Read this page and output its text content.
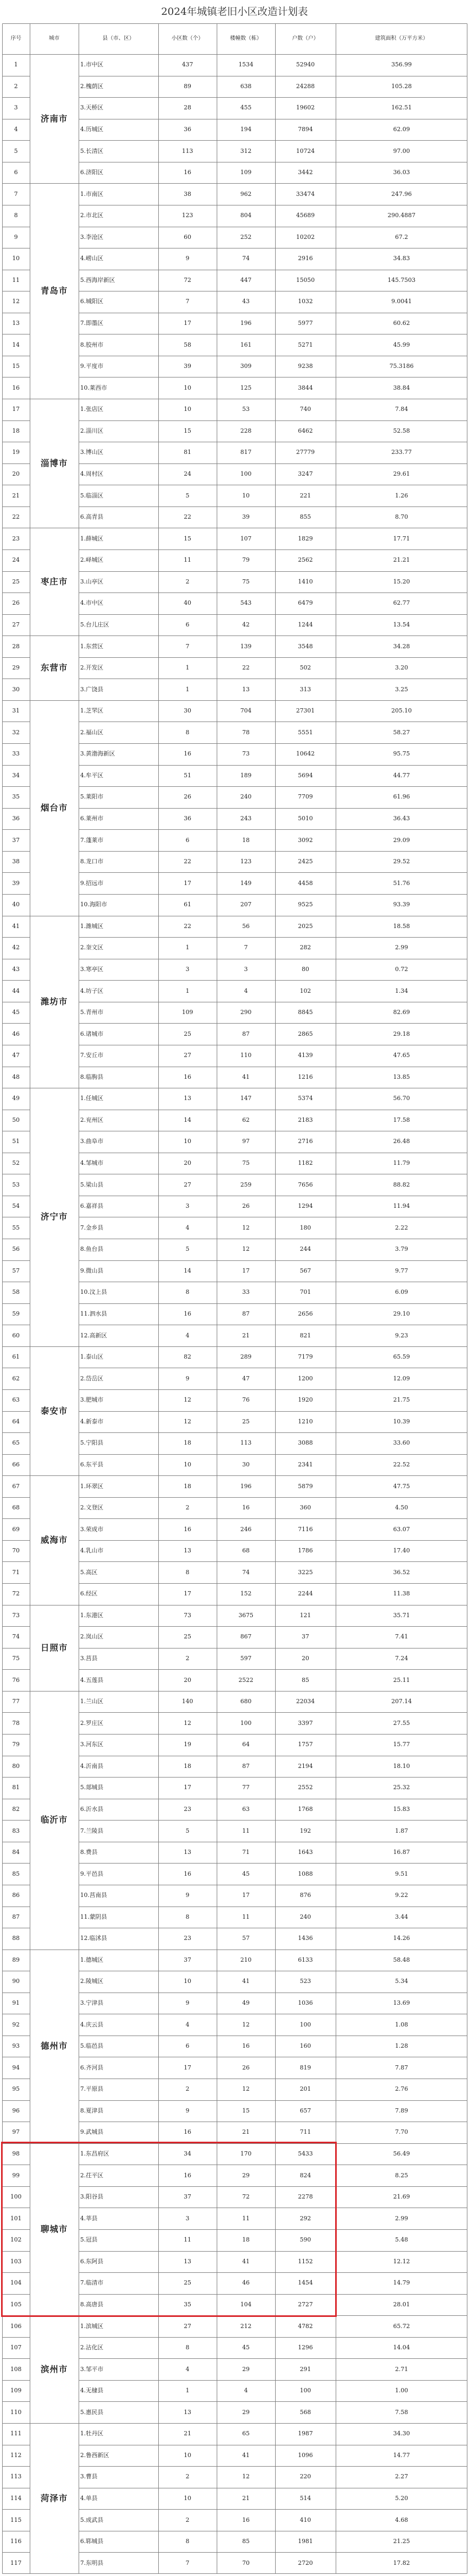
2024年城镇老旧小区改造计划表
序号	城市	县（市、区）	小区数（个）	楼幢数（栋）	户数（户）	建筑面积（万平方米）
济南市
1	1.市中区	437	1534	52940	356.99
2	2.槐荫区	89	638	24288	105.28
3	3.天桥区	28	455	19602	162.51
4	4.历城区	36	194	7894	62.09
5	5.长清区	113	312	10724	97.00
6	6.济阳区	16	109	3442	36.03
青岛市
7	1.市南区	38	962	33474	247.96
8	2.市北区	123	804	45689	290.4887
9	3.李沧区	60	252	10202	67.2
10	4.崂山区	9	74	2916	34.83
11	5.西海岸新区	72	447	15050	145.7503
12	6.城阳区	7	43	1032	9.0041
13	7.即墨区	17	196	5977	60.62
14	8.胶州市	58	161	5271	45.99
15	9.平度市	39	309	9238	75.3186
16	10.莱西市	10	125	3844	38.84
淄博市
17	1.张店区	10	53	740	7.84
18	2.淄川区	15	228	6462	52.58
19	3.博山区	81	817	27779	233.77
20	4.周村区	24	100	3247	29.61
21	5.临淄区	5	10	221	1.26
22	6.高青县	22	39	855	8.70
枣庄市
23	1.薛城区	15	107	1829	17.71
24	2.峄城区	11	79	2562	21.21
25	3.山亭区	2	75	1410	15.20
26	4.市中区	40	543	6479	62.77
27	5.台儿庄区	6	42	1244	13.54
东营市
28	1.东营区	7	139	3548	34.28
29	2.开发区	1	22	502	3.20
30	3.广饶县	1	13	313	3.25
烟台市
31	1.芝罘区	30	704	27301	205.10
32	2.福山区	8	78	5551	58.27
33	3.黄渤海新区	16	73	10642	95.75
34	4.牟平区	51	189	5694	44.77
35	5.莱阳市	26	240	7709	61.96
36	6.莱州市	36	243	5010	36.43
37	7.蓬莱市	6	18	3092	29.09
38	8.龙口市	22	123	2425	29.52
39	9.招远市	17	149	4458	51.76
40	10.海阳市	61	207	9525	93.39
潍坊市
41	1.潍城区	22	56	2025	18.58
42	2.奎文区	1	7	282	2.99
43	3.寒亭区	3	3	80	0.72
44	4.坊子区	1	4	102	1.34
45	5.青州市	109	290	8845	82.69
46	6.诸城市	25	87	2865	29.18
47	7.安丘市	27	110	4139	47.65
48	8.临朐县	16	41	1216	13.85
济宁市
49	1.任城区	13	147	5374	56.70
50	2.兖州区	14	62	2183	17.58
51	3.曲阜市	10	97	2716	26.48
52	4.邹城市	20	75	1182	11.79
53	5.梁山县	27	259	7656	88.82
54	6.嘉祥县	3	26	1294	11.94
55	7.金乡县	4	12	180	2.22
56	8.鱼台县	5	12	244	3.79
57	9.微山县	14	17	567	9.77
58	10.汶上县	8	33	701	6.09
59	11.泗水县	16	87	2656	29.10
60	12.高新区	4	21	821	9.23
泰安市
61	1.泰山区	82	289	7179	65.59
62	2.岱岳区	9	47	1200	12.09
63	3.肥城市	12	76	1920	21.75
64	4.新泰市	12	25	1210	10.39
65	5.宁阳县	18	113	3088	33.60
66	6.东平县	10	30	2341	22.52
威海市
67	1.环翠区	18	196	5879	47.75
68	2.文登区	2	16	360	4.50
69	3.荣成市	16	246	7116	63.07
70	4.乳山市	13	68	1786	17.40
71	5.高区	8	74	3225	36.52
72	6.经区	17	152	2244	11.38
日照市
73	1.东港区	73	3675	121	35.71
74	2.岚山区	25	867	37	7.41
75	3.莒县	2	597	20	7.24
76	4.五莲县	20	2522	85	25.11
临沂市
77	1.兰山区	140	680	22034	207.14
78	2.罗庄区	12	100	3397	27.55
79	3.河东区	19	64	1757	15.77
80	4.沂南县	18	87	2194	18.10
81	5.郯城县	17	77	2552	25.32
82	6.沂水县	23	63	1768	15.83
83	7.兰陵县	5	11	192	1.87
84	8.费县	13	71	1643	16.87
85	9.平邑县	16	45	1088	9.51
86	10.莒南县	9	17	876	9.22
87	11.蒙阴县	8	11	240	3.44
88	12.临沭县	23	57	1436	14.26
德州市
89	1.德城区	37	210	6133	58.48
90	2.陵城区	10	41	523	5.34
91	3.宁津县	9	49	1036	13.69
92	4.庆云县	4	12	100	1.08
93	5.临邑县	6	16	160	1.28
94	6.齐河县	17	26	819	7.87
95	7.平原县	2	12	201	2.76
96	8.夏津县	9	15	657	7.89
97	9.武城县	16	21	711	7.70
聊城市
98	1.东昌府区	34	170	5433	56.49
99	2.茌平区	16	29	824	8.25
100	3.阳谷县	37	72	2278	21.69
101	4.莘县	3	11	292	2.99
102	5.冠县	11	18	590	5.48
103	6.东阿县	13	41	1152	12.12
104	7.临清市	25	46	1454	14.79
105	8.高唐县	35	104	2727	28.01
滨州市
106	1.滨城区	27	212	4782	65.72
107	2.沾化区	8	45	1296	14.04
108	3.邹平市	4	29	291	2.71
109	4.无棣县	1	4	100	1.00
110	5.惠民县	13	29	568	7.58
菏泽市
111	1.牡丹区	21	65	1987	34.30
112	2.鲁西新区	10	41	1096	14.77
113	3.曹县	2	12	220	2.27
114	4.单县	10	21	514	5.20
115	5.成武县	2	16	410	4.68
116	6.郓城县	8	85	1981	21.25
117	7.东明县	7	70	2720	17.82
